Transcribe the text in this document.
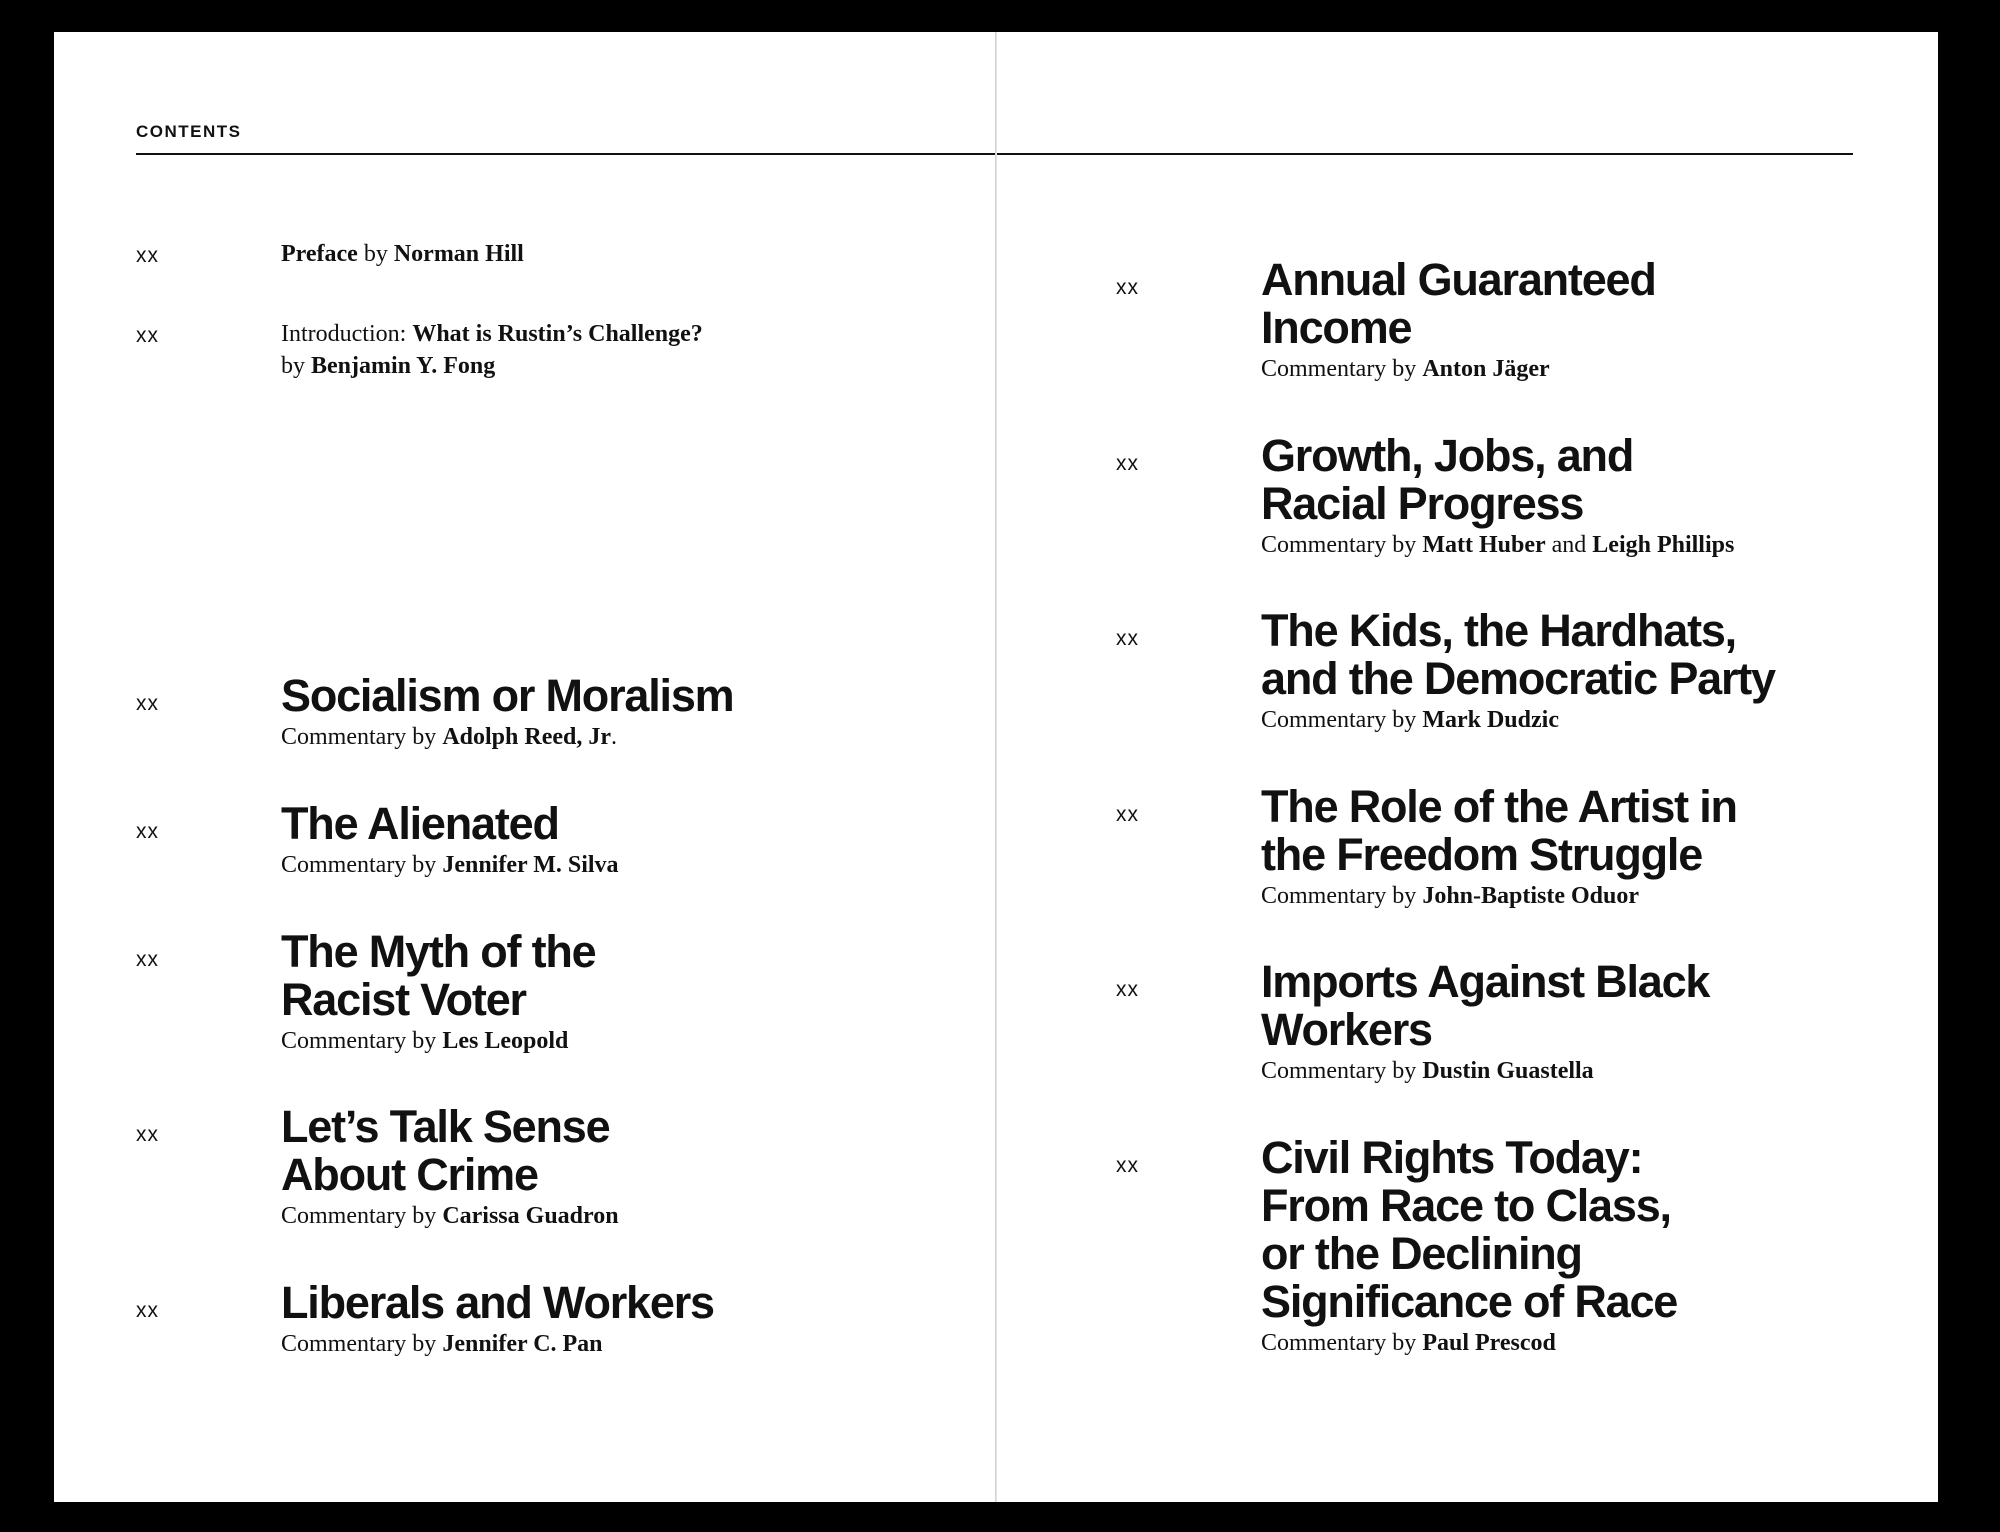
CONTENTS
xx	Preface by Norman Hill
xx	Introduction: What is Rustin’s Challenge?
by Benjamin Y. Fong
xx	Socialism or Moralism
Commentary by Adolph Reed, Jr.
xx	The Alienated
Commentary by Jennifer M. Silva
xx	The Myth of the
Racist Voter
Commentary by Les Leopold
xx	Let’s Talk Sense
About Crime
Commentary by Carissa Guadron
xx	Liberals and Workers
Commentary by Jennifer C. Pan
xx	Annual Guaranteed
Income
Commentary by Anton Jäger
xx	Growth, Jobs, and
Racial Progress
Commentary by Matt Huber and Leigh Phillips
xx	The Kids, the Hardhats,
and the Democratic Party
Commentary by Mark Dudzic
xx	The Role of the Artist in
the Freedom Struggle
Commentary by John-Baptiste Oduor
xx	Imports Against Black
Workers
Commentary by Dustin Guastella
xx	Civil Rights Today:
From Race to Class,
or the Declining
Significance of Race
Commentary by Paul Prescod
